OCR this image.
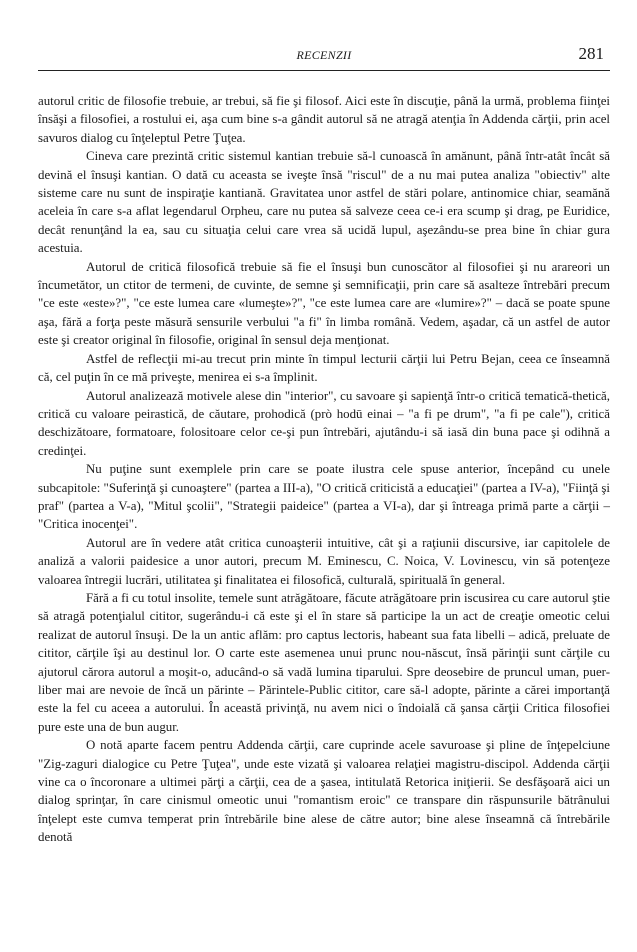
RECENZII	281

autorul critic de filosofie trebuie, ar trebui, să fie şi filosof. Aici este în discuţie, până la urmă, problema fiinţei însăşi a filosofiei, a rostului ei, aşa cum bine s-a gândit autorul să ne atragă atenţia în Addenda cărţii, prin acel savuros dialog cu înţeleptul Petre Ţuţea.

Cineva care prezintă critic sistemul kantian trebuie să-l cunoască în amănunt, până într-atât încât să devină el însuşi kantian. O dată cu aceasta se iveşte însă "riscul" de a nu mai putea analiza "obiectiv" alte sisteme care nu sunt de inspiraţie kantiană. Gravitatea unor astfel de stări polare, antinomice chiar, seamănă aceleia în care s-a aflat legendarul Orpheu, care nu putea să salveze ceea ce-i era scump şi drag, pe Euridice, decât renunţând la ea, sau cu situaţia celui care vrea să ucidă lupul, aşezându-se prea bine în chiar gura acestuia.

Autorul de critică filosofică trebuie să fie el însuşi bun cunoscător al filosofiei şi nu arareori un încumetător, un ctitor de termeni, de cuvinte, de semne şi semnificaţii, prin care să asalteze întrebări precum "ce este «este»?", "ce este lumea care «lumeşte»?", "ce este lumea care are «lumire»?" – dacă se poate spune aşa, fără a forţa peste măsură sensurile verbului "a fi" în limba română. Vedem, aşadar, că un astfel de autor este şi creator original în filosofie, original în sensul deja menţionat.

Astfel de reflecţii mi-au trecut prin minte în timpul lecturii cărţii lui Petru Bejan, ceea ce înseamnă că, cel puţin în ce mă priveşte, menirea ei s-a împlinit.

Autorul analizează motivele alese din "interior", cu savoare şi sapienţă într-o critică tematică-thetică, critică cu valoare peirastică, de căutare, prohodică (prò hodū einai – "a fi pe drum", "a fi pe cale"), critică deschizătoare, formatoare, folositoare celor ce-şi pun întrebări, ajutându-i să iasă din buna pace şi odihnă a credinţei.

Nu puţine sunt exemplele prin care se poate ilustra cele spuse anterior, începând cu unele subcapitole: "Suferinţă şi cunoaştere" (partea a III-a), "O critică criticistă a educaţiei" (partea a IV-a), "Fiinţă şi praf" (partea a V-a), "Mitul şcolii", "Strategii paideice" (partea a VI-a), dar şi întreaga primă parte a cărţii – "Critica inocenţei".

Autorul are în vedere atât critica cunoaşterii intuitive, cât şi a raţiunii discursive, iar capitolele de analiză a valorii paidesice a unor autori, precum M. Eminescu, C. Noica, V. Lovinescu, vin să potenţeze valoarea întregii lucrări, utilitatea şi finalitatea ei filosofică, culturală, spirituală în general.

Fără a fi cu totul insolite, temele sunt atrăgătoare, făcute atrăgătoare prin iscusirea cu care autorul ştie să atragă potenţialul cititor, sugerându-i că este şi el în stare să participe la un act de creaţie omeotic celui realizat de autorul însuşi. De la un antic aflăm: pro captus lectoris, habeant sua fata libelli – adică, preluate de cititor, cărţile îşi au destinul lor. O carte este asemenea unui prunc nou-născut, însă părinţii sunt cărţile cu ajutorul cărora autorul a moşit-o, aducând-o să vadă lumina tiparului. Spre deosebire de pruncul uman, puer-liber mai are nevoie de încă un părinte – Părintele-Public cititor, care să-l adopte, părinte a cărei importanţă este la fel cu aceea a autorului. În această privinţă, nu avem nici o îndoială că şansa cărţii Critica filosofiei pure este una de bun augur.

O notă aparte facem pentru Addenda cărţii, care cuprinde acele savuroase şi pline de înţepelciune "Zig-zaguri dialogice cu Petre Ţuţea", unde este vizată şi valoarea relaţiei magistru-discipol. Addenda cărţii vine ca o încoronare a ultimei părţi a cărţii, cea de a şasea, intitulată Retorica iniţierii. Se desfăşoară aici un dialog sprinţar, în care cinismul omeotic unui "romantism eroic" ce transpare din răspunsurile bătrânului înţelept este cumva temperat prin întrebările bine alese de către autor; bine alese înseamnă că întrebările denotă
